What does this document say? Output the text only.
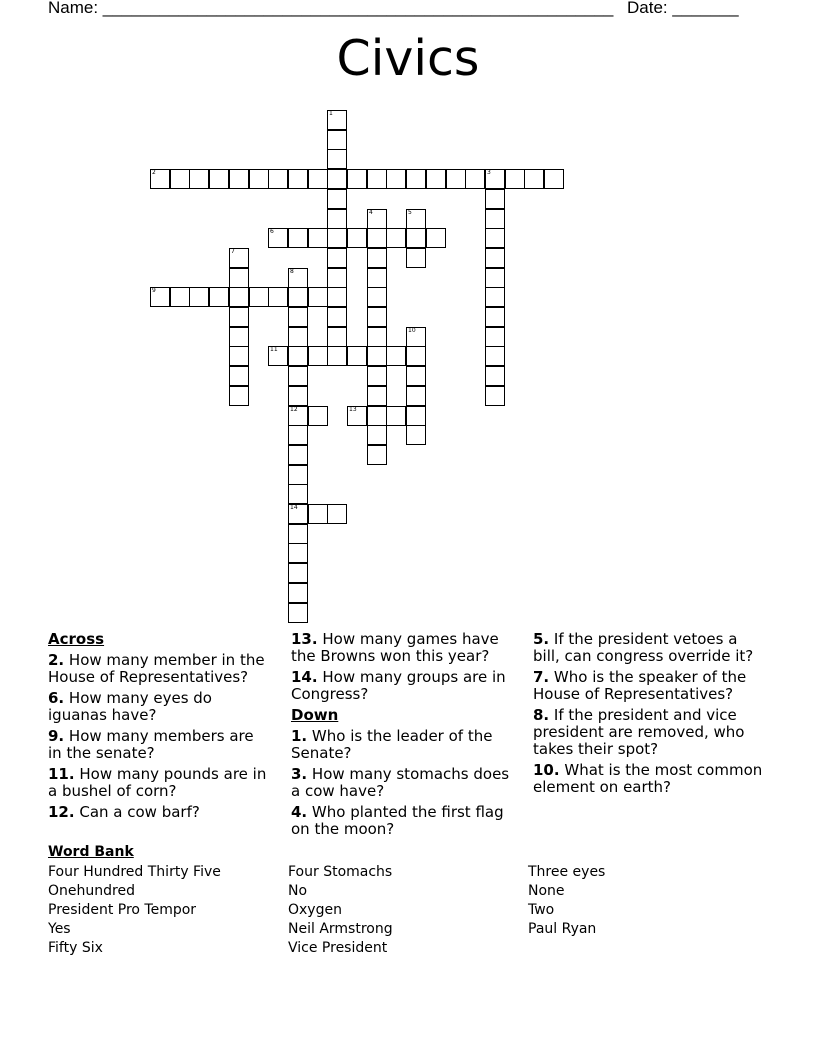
Name: ______________________________________________________ Date: _______
Civics
1
2	3
4	5
6
7
8
12
14
9
10
11
13
Across
2. How many member in the House of Representatives?
6. How many eyes do iguanas have?
9. How many members are in the senate?
11. How many pounds are in a bushel of corn?
12. Can a cow barf?
13. How many games have the Browns won this year?
14. How many groups are in Congress?
Down
1. Who is the leader of the Senate?
3. How many stomachs does a cow have?
4. Who planted the first flag on the moon?
5. If the president vetoes a bill, can congress override it?
7. Who is the speaker of the House of Representatives?
8. If the president and vice president are removed, who takes their spot?
10. What is the most common element on earth?
Word Bank
Four Hundred Thirty Five
Onehundred
President Pro Tempor
Yes
Fifty Six
Four Stomachs
No
Oxygen
Neil Armstrong
Vice President
Three eyes
None
Two
Paul Ryan
